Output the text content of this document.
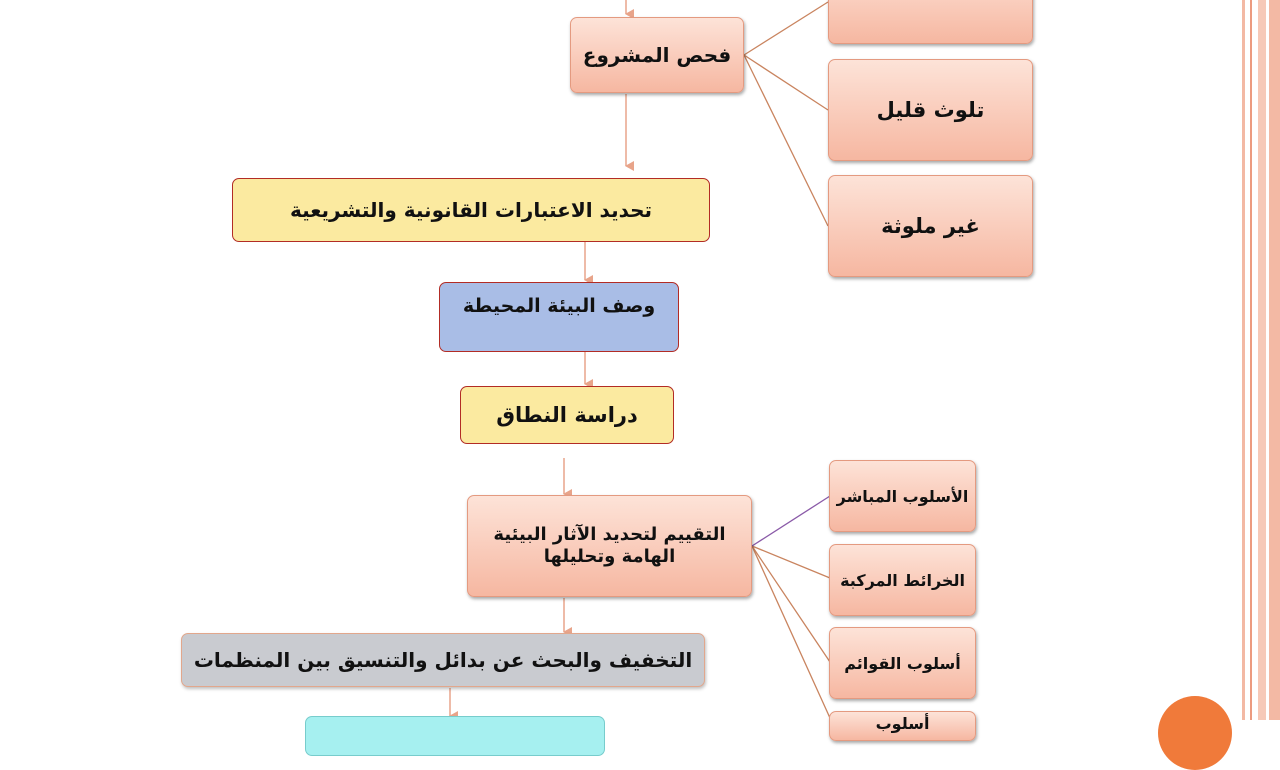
فحص المشروع
تحديد الاعتبارات القانونية والتشريعية
وصف البيئة المحيطة
دراسة النطاق
التقييم لتحديد الآثار البيئية الهامة وتحليلها
التخفيف والبحث عن بدائل والتنسيق بين المنظمات
تلوث قليل
غير ملوثة
الأسلوب المباشر
الخرائط المركبة
أسلوب القوائم
أسلوب
